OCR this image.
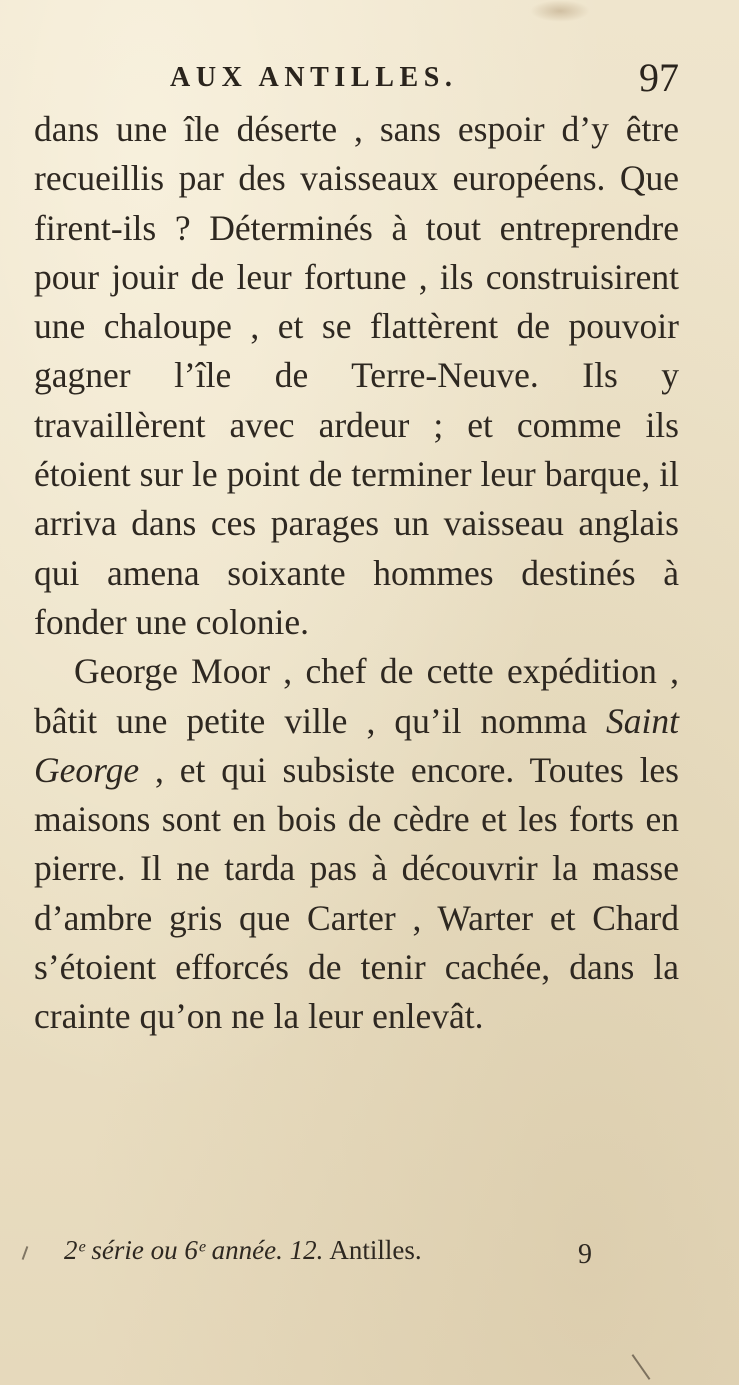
AUX ANTILLES.	97

dans une île déserte , sans espoir d’y être recueillis par des vaisseaux européens. Que firent-ils ? Déterminés à tout entreprendre pour jouir de leur fortune , ils construisirent une chaloupe , et se flattèrent de pouvoir gagner l’île de Terre-Neuve. Ils y travaillèrent avec ardeur ; et comme ils étoient sur le point de terminer leur barque, il arriva dans ces parages un vaisseau anglais qui amena soixante hommes destinés à fonder une colonie.

George Moor , chef de cette expédition , bâtit une petite ville , qu’il nomma Saint George , et qui subsiste encore. Toutes les maisons sont en bois de cèdre et les forts en pierre. Il ne tarda pas à découvrir la masse d’ambre gris que Carter , Warter et Chard s’étoient efforcés de tenir cachée, dans la crainte qu’on ne la leur enlevât.

2ᵉ série ou 6ᵉ année. 12. Antilles.	9
